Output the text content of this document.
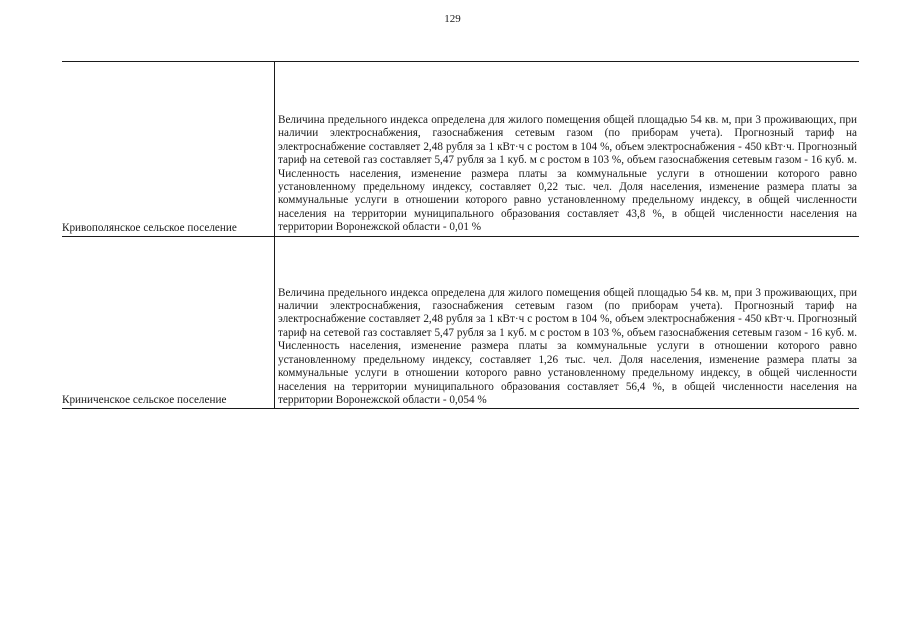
129
Кривополянское сельское поселение	Величина предельного индекса определена для жилого помещения общей площадью 54 кв. м, при 3 проживающих, при наличии электроснабжения, газоснабжения сетевым газом (по приборам учета). Прогнозный тариф на электроснабжение составляет 2,48 рубля за 1 кВт·ч с ростом в 104 %, объем электроснабжения - 450 кВт·ч. Прогнозный тариф на сетевой газ составляет 5,47 рубля за 1 куб. м с ростом в 103 %, объем газоснабжения сетевым газом - 16 куб. м. Численность населения, изменение размера платы за коммунальные услуги в отношении которого равно установленному предельному индексу, составляет 0,22 тыс. чел. Доля населения, изменение размера платы за коммунальные услуги в отношении которого равно установленному предельному индексу, в общей численности населения на территории муниципального образования составляет 43,8 %, в общей численности населения на территории Воронежской области - 0,01 %

Криниченское сельское поселение	Величина предельного индекса определена для жилого помещения общей площадью 54 кв. м, при 3 проживающих, при наличии электроснабжения, газоснабжения сетевым газом (по приборам учета). Прогнозный тариф на электроснабжение составляет 2,48 рубля за 1 кВт·ч с ростом в 104 %, объем электроснабжения - 450 кВт·ч. Прогнозный тариф на сетевой газ составляет 5,47 рубля за 1 куб. м с ростом в 103 %, объем газоснабжения сетевым газом - 16 куб. м. Численность населения, изменение размера платы за коммунальные услуги в отношении которого равно установленному предельному индексу, составляет 1,26 тыс. чел. Доля населения, изменение размера платы за коммунальные услуги в отношении которого равно установленному предельному индексу, в общей численности населения на территории муниципального образования составляет 56,4 %, в общей численности населения на территории Воронежской области - 0,054 %
